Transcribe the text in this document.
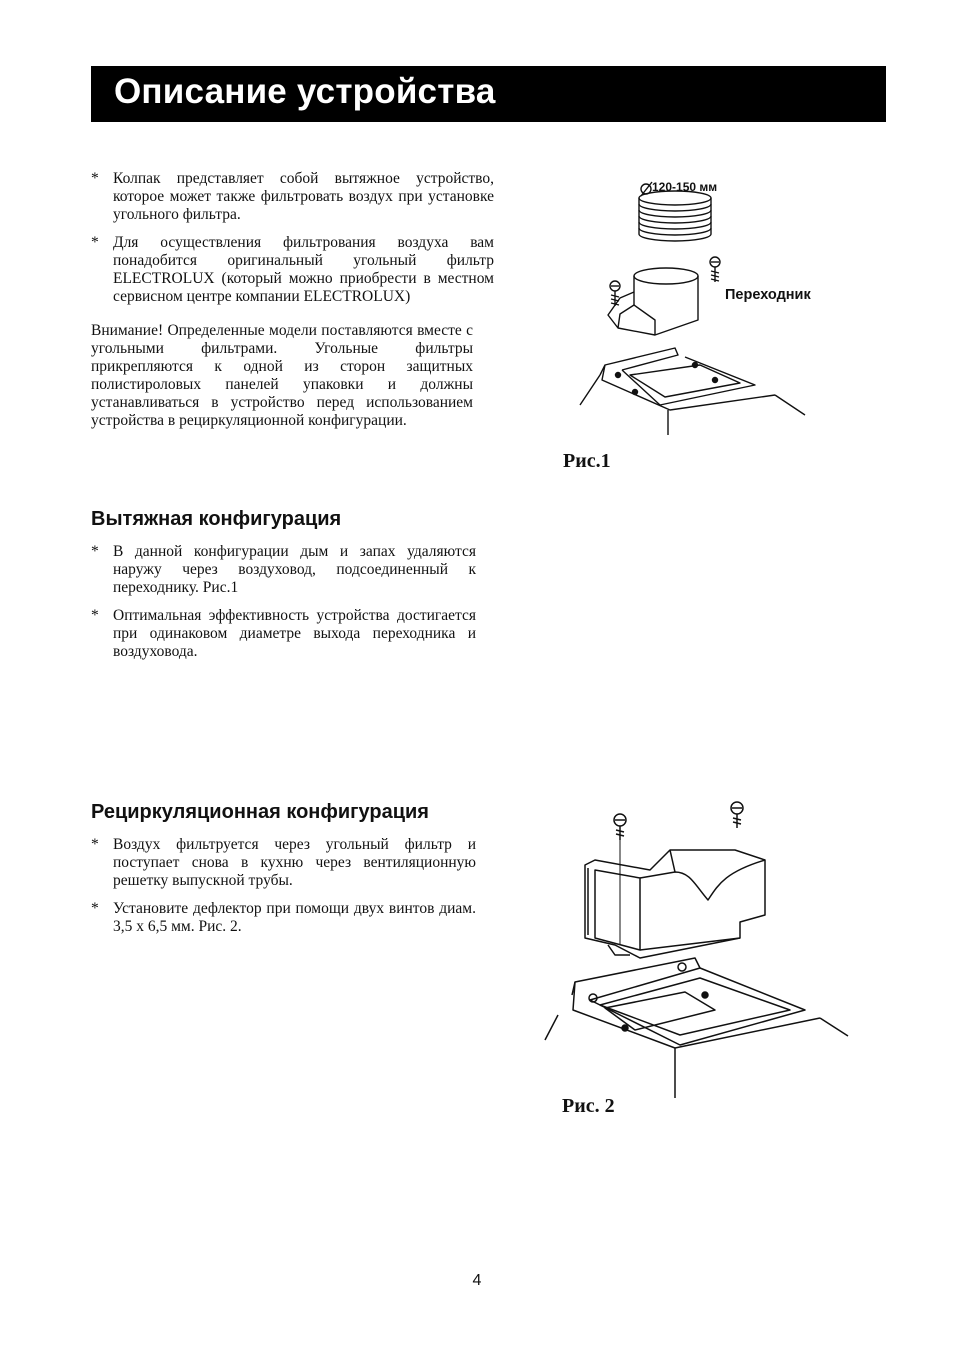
Описание устройства
* Колпак представляет собой вытяжное устройство, которое может также фильтровать воздух при установке угольного фильтра.
* Для осуществления фильтрования воздуха вам понадобится оригинальный угольный фильтр ELECTROLUX (который можно приобрести в местном сервисном центре компании ELECTROLUX)
Внимание! Определенные модели поставляются вместе с угольными фильтрами. Угольные фильтры прикрепляются к одной из сторон защитных полистироловых панелей упаковки и должны устанавливаться в устройство перед использованием устройства в рециркуляционной конфигурации.
Вытяжная конфигурация
* В данной конфигурации дым и запах удаляются наружу через воздуховод, подсоединенный к переходнику. Рис.1
* Оптимальная эффективность устройства достигается при одинаковом диаметре выхода переходника и воздуховода.
Рециркуляционная конфигурация
* Воздух фильтруется через угольный фильтр и поступает снова в кухню через вентиляционную решетку выпускной трубы.
* Установите дефлектор при помощи двух винтов диам. 3,5 х 6,5 мм. Рис. 2.
120-150 мм
Переходник
Рис.1
Рис. 2
4
